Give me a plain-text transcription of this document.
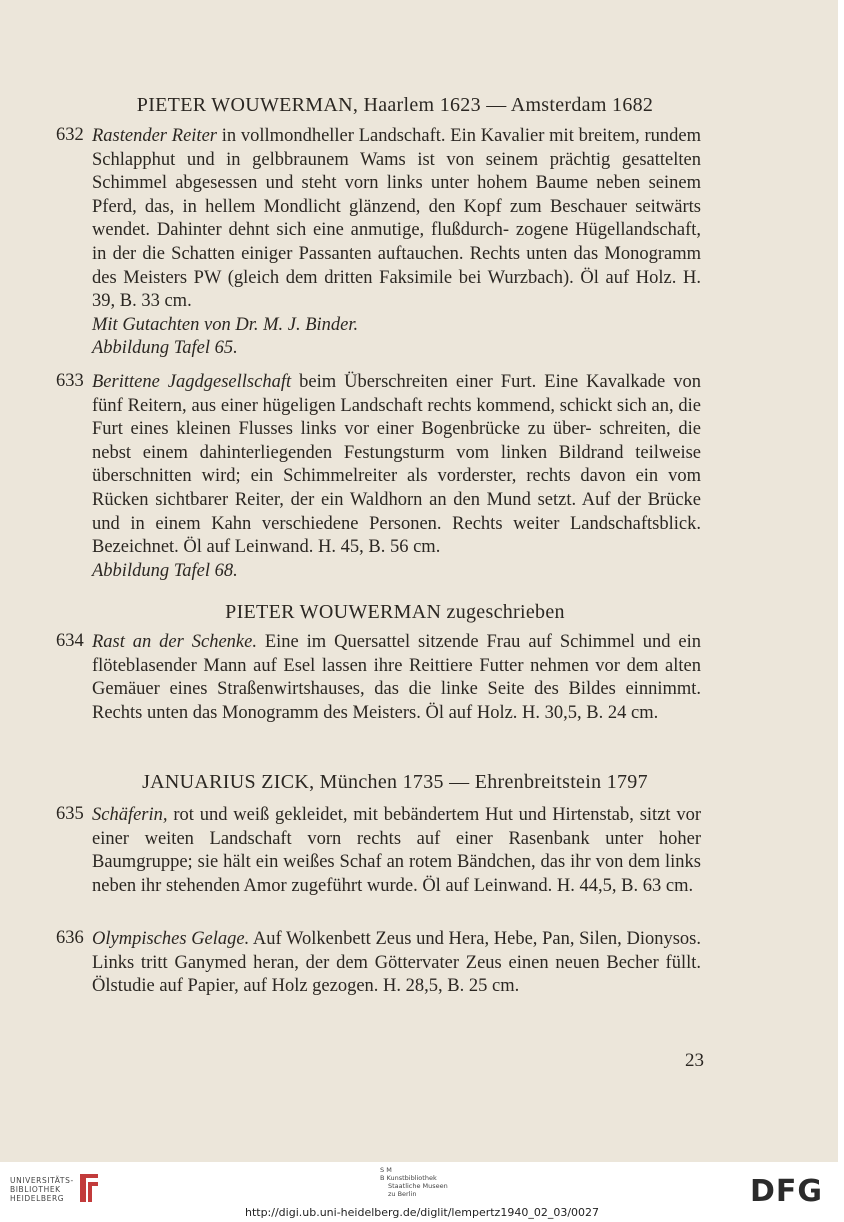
PIETER WOUWERMAN, Haarlem 1623 — Amsterdam 1682
632 Rastender Reiter in vollmondheller Landschaft. Ein Kavalier mit breitem, rundem Schlapphut und in gelbbraunem Wams ist von seinem prächtig gesattelten Schimmel abgesessen und steht vorn links unter hohem Baume neben seinem Pferd, das, in hellem Mondlicht glänzend, den Kopf zum Beschauer seitwärts wendet. Dahinter dehnt sich eine anmutige, flußdurch- zogene Hügellandschaft, in der die Schatten einiger Passanten auftauchen. Rechts unten das Monogramm des Meisters PW (gleich dem dritten Faksimile bei Wurzbach). Öl auf Holz. H. 39, B. 33 cm.
Mit Gutachten von Dr. M. J. Binder.
Abbildung Tafel 65.
633 Berittene Jagdgesellschaft beim Überschreiten einer Furt. Eine Kavalkade von fünf Reitern, aus einer hügeligen Landschaft rechts kommend, schickt sich an, die Furt eines kleinen Flusses links vor einer Bogenbrücke zu über- schreiten, die nebst einem dahinterliegenden Festungsturm vom linken Bildrand teilweise überschnitten wird; ein Schimmelreiter als vorderster, rechts davon ein vom Rücken sichtbarer Reiter, der ein Waldhorn an den Mund setzt. Auf der Brücke und in einem Kahn verschiedene Personen. Rechts weiter Landschaftsblick. Bezeichnet. Öl auf Leinwand. H. 45, B. 56 cm.
Abbildung Tafel 68.
PIETER WOUWERMAN zugeschrieben
634 Rast an der Schenke. Eine im Quersattel sitzende Frau auf Schimmel und ein flöteblasender Mann auf Esel lassen ihre Reittiere Futter nehmen vor dem alten Gemäuer eines Straßenwirtshauses, das die linke Seite des Bildes einnimmt. Rechts unten das Monogramm des Meisters. Öl auf Holz. H. 30,5, B. 24 cm.
JANUARIUS ZICK, München 1735 — Ehrenbreitstein 1797
635 Schäferin, rot und weiß gekleidet, mit bebändertem Hut und Hirtenstab, sitzt vor einer weiten Landschaft vorn rechts auf einer Rasenbank unter hoher Baumgruppe; sie hält ein weißes Schaf an rotem Bändchen, das ihr von dem links neben ihr stehenden Amor zugeführt wurde. Öl auf Leinwand. H. 44,5, B. 63 cm.
636 Olympisches Gelage. Auf Wolkenbett Zeus und Hera, Hebe, Pan, Silen, Dionysos. Links tritt Ganymed heran, der dem Göttervater Zeus einen neuen Becher füllt. Ölstudie auf Papier, auf Holz gezogen. H. 28,5, B. 25 cm.
23
UNIVERSITÄTS-
BIBLIOTHEK
HEIDELBERG
S M
B Kunstbibliothek
Staatliche Museen
zu Berlin	DFG
http://digi.ub.uni-heidelberg.de/diglit/lempertz1940_02_03/0027
